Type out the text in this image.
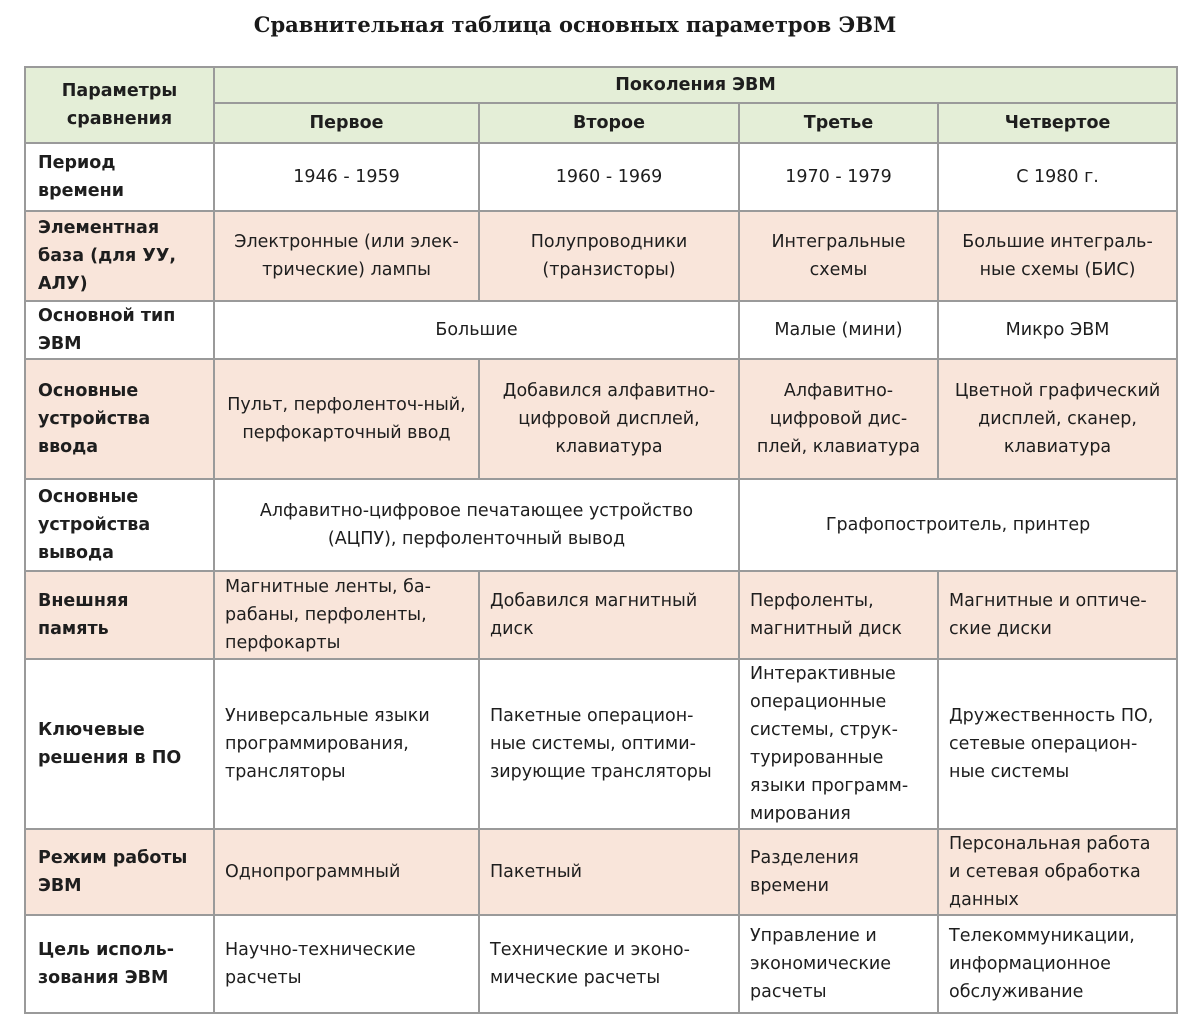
Сравнительная таблица основных параметров ЭВМ
Параметры сравнения	Поколения ЭВМ			
	Первое	Второе	Третье	Четвертое
Период времени	1946 - 1959	1960 - 1969	1970 - 1979	С 1980 г.
Элементная база (для УУ, АЛУ)	Электронные (или элек-трические) лампы	Полупроводники (транзисторы)	Интегральные схемы	Большие интеграль-ные схемы (БИС)
Основной тип ЭВМ	Большие		Малые (мини)	Микро ЭВМ
Основные устройства ввода	Пульт, перфоленточ-ный, перфокарточный ввод	Добавился алфавитно-цифровой дисплей, клавиатура	Алфавитно-цифровой дис-плей, клавиатура	Цветной графический дисплей, сканер, клавиатура
Основные устройства вывода	Алфавитно-цифровое печатающее устройство (АЦПУ), перфоленточный вывод		Графопостроитель, принтер	
Внешняя память	Магнитные ленты, ба-рабаны, перфоленты, перфокарты	Добавился магнитный диск	Перфоленты, магнитный диск	Магнитные и оптиче-ские диски
Ключевые решения в ПО	Универсальные языки программирования, трансляторы	Пакетные операцион-ные системы, оптими-зирующие трансляторы	Интерактивные операционные системы, струк-турированные языки программ-мирования	Дружественность ПО, сетевые операцион-ные системы
Режим работы ЭВМ	Однопрограммный	Пакетный	Разделения времени	Персональная работа и сетевая обработка данных
Цель исполь-зования ЭВМ	Научно-технические расчеты	Технические и эконо-мические расчеты	Управление и экономические расчеты	Телекоммуникации, информационное обслуживание
